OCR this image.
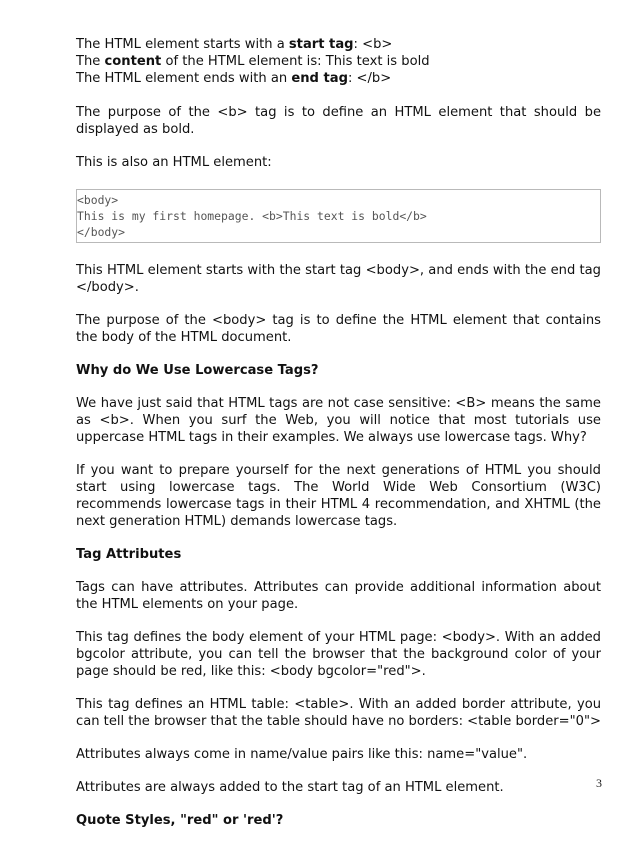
The HTML element starts with a start tag: <b>
The content of the HTML element is: This text is bold
The HTML element ends with an end tag: </b>

The purpose of the <b> tag is to define an HTML element that should be displayed as bold.

This is also an HTML element:

<body>
This is my first homepage. <b>This text is bold</b>
</body>

This HTML element starts with the start tag <body>, and ends with the end tag </body>.

The purpose of the <body> tag is to define the HTML element that contains the body of the HTML document.

Why do We Use Lowercase Tags?

We have just said that HTML tags are not case sensitive: <B> means the same as <b>. When you surf the Web, you will notice that most tutorials use uppercase HTML tags in their examples. We always use lowercase tags. Why?

If you want to prepare yourself for the next generations of HTML you should start using lowercase tags. The World Wide Web Consortium (W3C) recommends lowercase tags in their HTML 4 recommendation, and XHTML (the next generation HTML) demands lowercase tags.

Tag Attributes

Tags can have attributes. Attributes can provide additional information about the HTML elements on your page.

This tag defines the body element of your HTML page: <body>. With an added bgcolor attribute, you can tell the browser that the background color of your page should be red, like this: <body bgcolor="red">.

This tag defines an HTML table: <table>. With an added border attribute, you can tell the browser that the table should have no borders: <table border="0">

Attributes always come in name/value pairs like this: name="value".

Attributes are always added to the start tag of an HTML element.

Quote Styles, "red" or 'red'?
3
